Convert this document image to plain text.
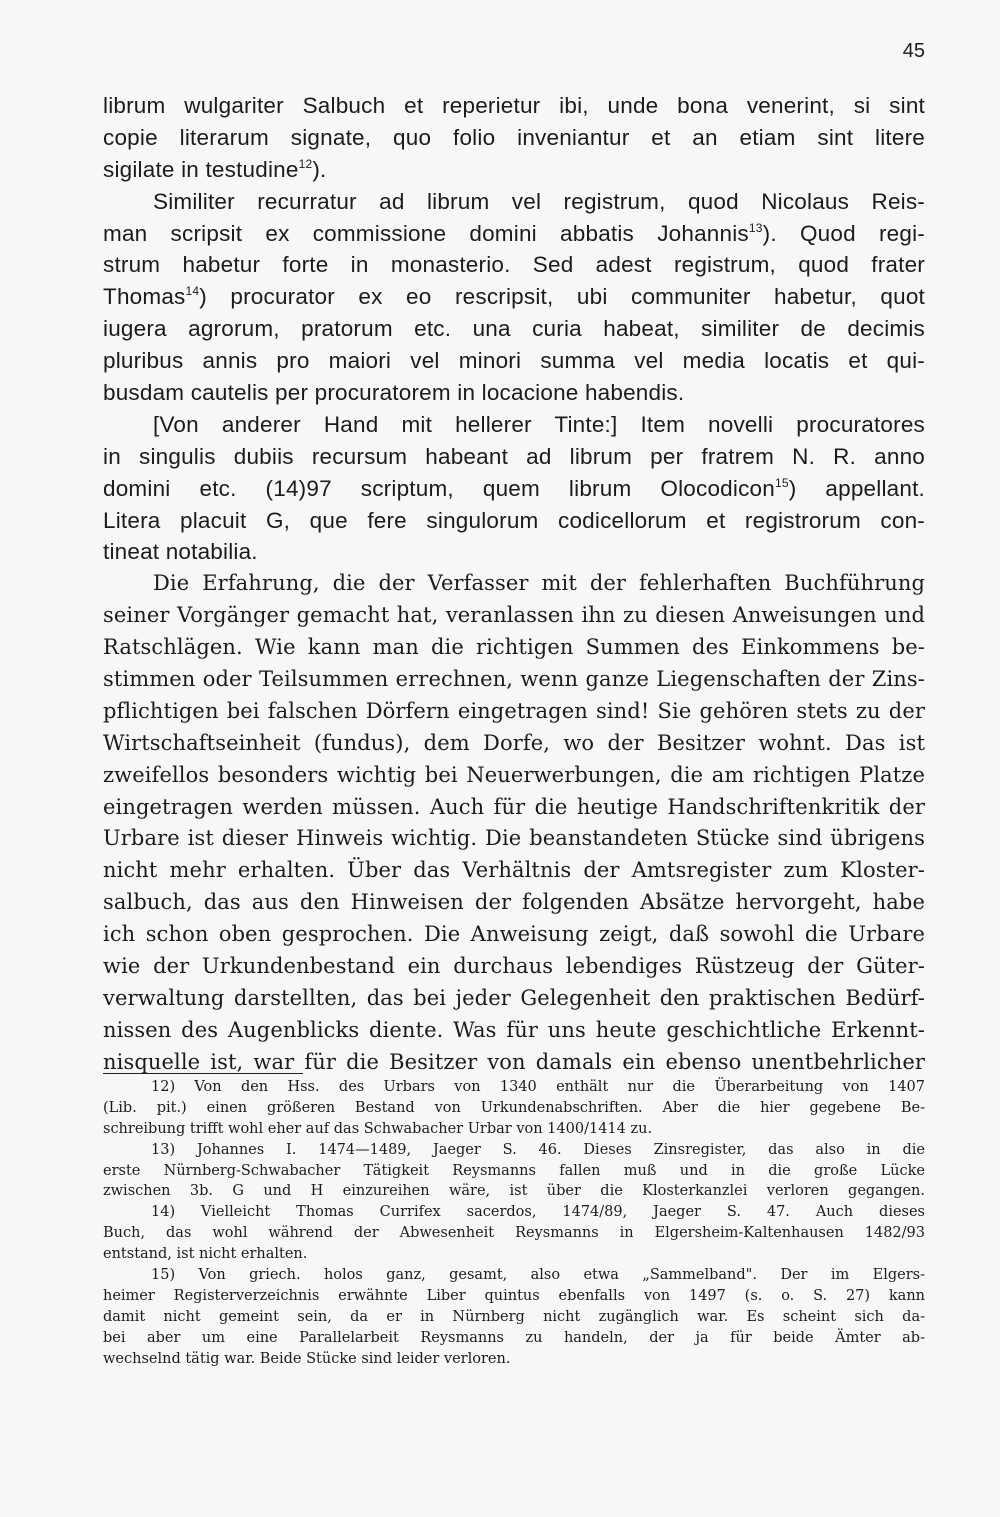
45
librum wulgariter Salbuch et reperietur ibi, unde bona venerint, si sint
copie literarum signate, quo folio inveniantur et an etiam sint litere
sigilate in testudine$^{12}$).
Similiter recurratur ad librum vel registrum, quod Nicolaus Reis-
man scripsit ex commissione domini abbatis Johannis$^{13}$). Quod regi-
strum habetur forte in monasterio. Sed adest registrum, quod frater
Thomas$^{14}$) procurator ex eo rescripsit, ubi communiter habetur, quot
iugera agrorum, pratorum etc. una curia habeat, similiter de decimis
pluribus annis pro maiori vel minori summa vel media locatis et qui-
busdam cautelis per procuratorem in locacione habendis.
[Von anderer Hand mit hellerer Tinte:] Item novelli procuratores
in singulis dubiis recursum habeant ad librum per fratrem N. R. anno
domini etc. (14)97 scriptum, quem librum Olocodicon$^{15}$) appellant.
Litera placuit G, que fere singulorum codicellorum et registrorum con-
tineat notabilia.
Die Erfahrung, die der Verfasser mit der fehlerhaften Buchführung
seiner Vorgänger gemacht hat, veranlassen ihn zu diesen Anweisungen und
Ratschlägen. Wie kann man die richtigen Summen des Einkommens be-
stimmen oder Teilsummen errechnen, wenn ganze Liegenschaften der Zins-
pflichtigen bei falschen Dörfern eingetragen sind! Sie gehören stets zu der
Wirtschaftseinheit (fundus), dem Dorfe, wo der Besitzer wohnt. Das ist
zweifellos besonders wichtig bei Neuerwerbungen, die am richtigen Platze
eingetragen werden müssen. Auch für die heutige Handschriftenkritik der
Urbare ist dieser Hinweis wichtig. Die beanstandeten Stücke sind übrigens
nicht mehr erhalten. Über das Verhältnis der Amtsregister zum Kloster-
salbuch, das aus den Hinweisen der folgenden Absätze hervorgeht, habe
ich schon oben gesprochen. Die Anweisung zeigt, daß sowohl die Urbare
wie der Urkundenbestand ein durchaus lebendiges Rüstzeug der Güter-
verwaltung darstellten, das bei jeder Gelegenheit den praktischen Bedürf-
nissen des Augenblicks diente. Was für uns heute geschichtliche Erkennt-
nisquelle ist, war für die Besitzer von damals ein ebenso unentbehrlicher
12) Von den Hss. des Urbars von 1340 enthält nur die Überarbeitung von 1407
(Lib. pit.) einen größeren Bestand von Urkundenabschriften. Aber die hier gegebene Be-
schreibung trifft wohl eher auf das Schwabacher Urbar von 1400/1414 zu.
13) Johannes I. 1474—1489, Jaeger S. 46. Dieses Zinsregister, das also in die
erste Nürnberg-Schwabacher Tätigkeit Reysmanns fallen muß und in die große Lücke
zwischen 3b. G und H einzureihen wäre, ist über die Klosterkanzlei verloren gegangen.
14) Vielleicht Thomas Currifex sacerdos, 1474/89, Jaeger S. 47. Auch dieses
Buch, das wohl während der Abwesenheit Reysmanns in Elgersheim-Kaltenhausen 1482/93
entstand, ist nicht erhalten.
15) Von griech. holos ganz, gesamt, also etwa „Sammelband". Der im Elgers-
heimer Registerverzeichnis erwähnte Liber quintus ebenfalls von 1497 (s. o. S. 27) kann
damit nicht gemeint sein, da er in Nürnberg nicht zugänglich war. Es scheint sich da-
bei aber um eine Parallelarbeit Reysmanns zu handeln, der ja für beide Ämter ab-
wechselnd tätig war. Beide Stücke sind leider verloren.
